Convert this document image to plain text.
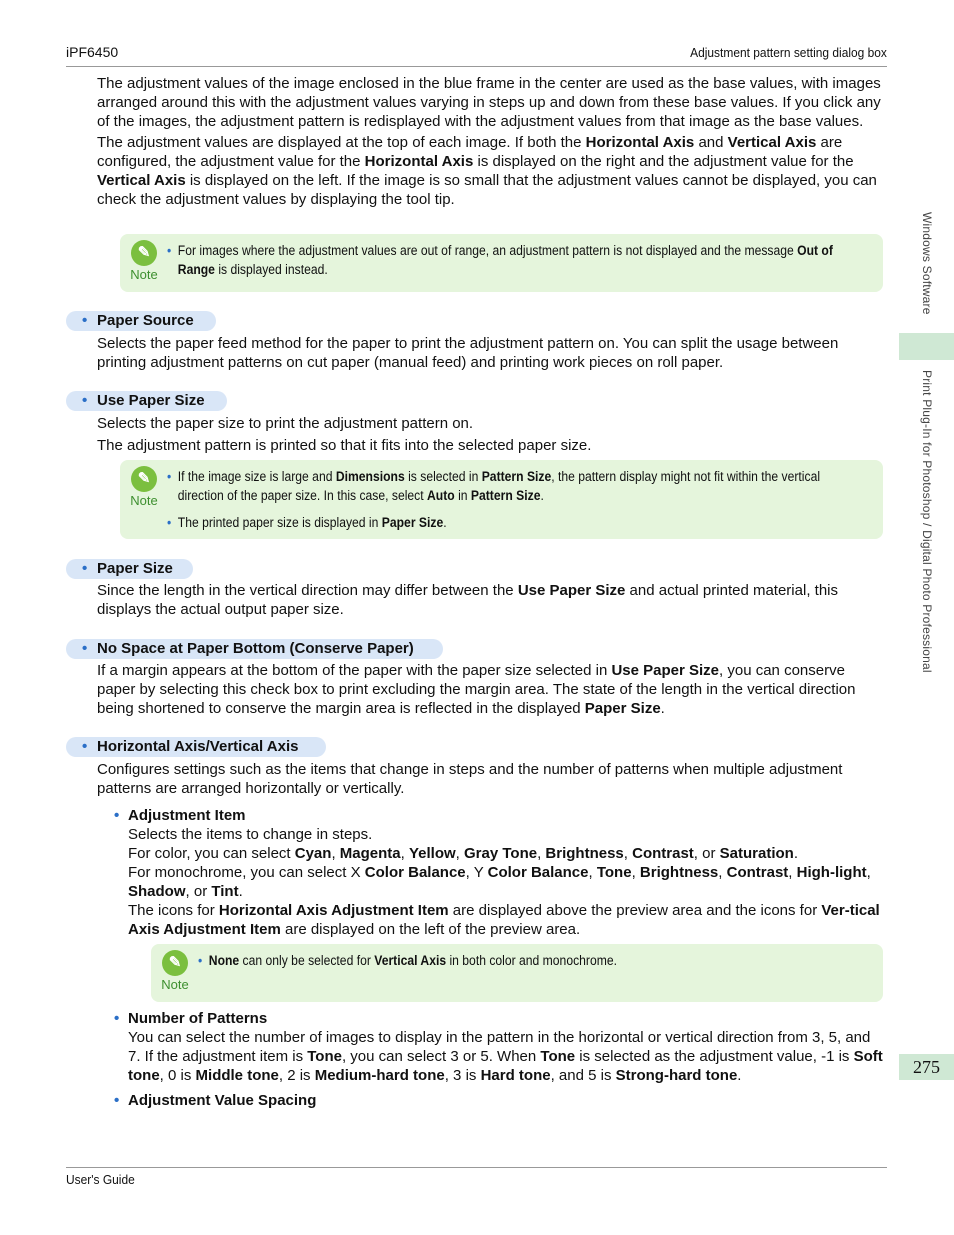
iPF6450	Adjustment pattern setting dialog box
Windows Software
Print Plug-In for Photoshop / Digital Photo Professional
275

The adjustment values of the image enclosed in the blue frame in the center are used as the base values, with images arranged around this with the adjustment values varying in steps up and down from these base values. If you click any of the images, the adjustment pattern is redisplayed with the adjustment values from that image as the base values.

The adjustment values are displayed at the top of each image. If both the Horizontal Axis and Vertical Axis are configured, the adjustment value for the Horizontal Axis is displayed on the right and the adjustment value for the Vertical Axis is displayed on the left. If the image is so small that the adjustment values cannot be displayed, you can check the adjustment values by displaying the tool tip.

✎
Note
• For images where the adjustment values are out of range, an adjustment pattern is not displayed and the message Out of Range is displayed instead.
• Paper Source

Selects the paper feed method for the paper to print the adjustment pattern on. You can split the usage between printing adjustment patterns on cut paper (manual feed) and printing work pieces on roll paper.

• Use Paper Size

Selects the paper size to print the adjustment pattern on.

The adjustment pattern is printed so that it fits into the selected paper size.

✎
Note
• If the image size is large and Dimensions is selected in Pattern Size, the pattern display might not fit within the vertical direction of the paper size. In this case, select Auto in Pattern Size.
• The printed paper size is displayed in Paper Size.
• Paper Size

Since the length in the vertical direction may differ between the Use Paper Size and actual printed material, this displays the actual output paper size.

• No Space at Paper Bottom (Conserve Paper)

If a margin appears at the bottom of the paper with the paper size selected in Use Paper Size, you can conserve paper by selecting this check box to print excluding the margin area. The state of the length in the vertical direction being shortened to conserve the margin area is reflected in the displayed Paper Size.

• Horizontal Axis/Vertical Axis

Configures settings such as the items that change in steps and the number of patterns when multiple adjustment patterns are arranged horizontally or vertically.

• Adjustment Item
Selects the items to change in steps.
For color, you can select Cyan, Magenta, Yellow, Gray Tone, Brightness, Contrast, or Saturation.
For monochrome, you can select X Color Balance, Y Color Balance, Tone, Brightness, Contrast, High-light, Shadow, or Tint.
The icons for Horizontal Axis Adjustment Item are displayed above the preview area and the icons for Ver-tical Axis Adjustment Item are displayed on the left of the preview area.
✎
Note
• None can only be selected for Vertical Axis in both color and monochrome.
• Number of Patterns
You can select the number of images to display in the pattern in the horizontal or vertical direction from 3, 5, and 7. If the adjustment item is Tone, you can select 3 or 5. When Tone is selected as the adjustment value, -1 is Soft tone, 0 is Middle tone, 2 is Medium-hard tone, 3 is Hard tone, and 5 is Strong-hard tone.
• Adjustment Value Spacing
User's Guide
